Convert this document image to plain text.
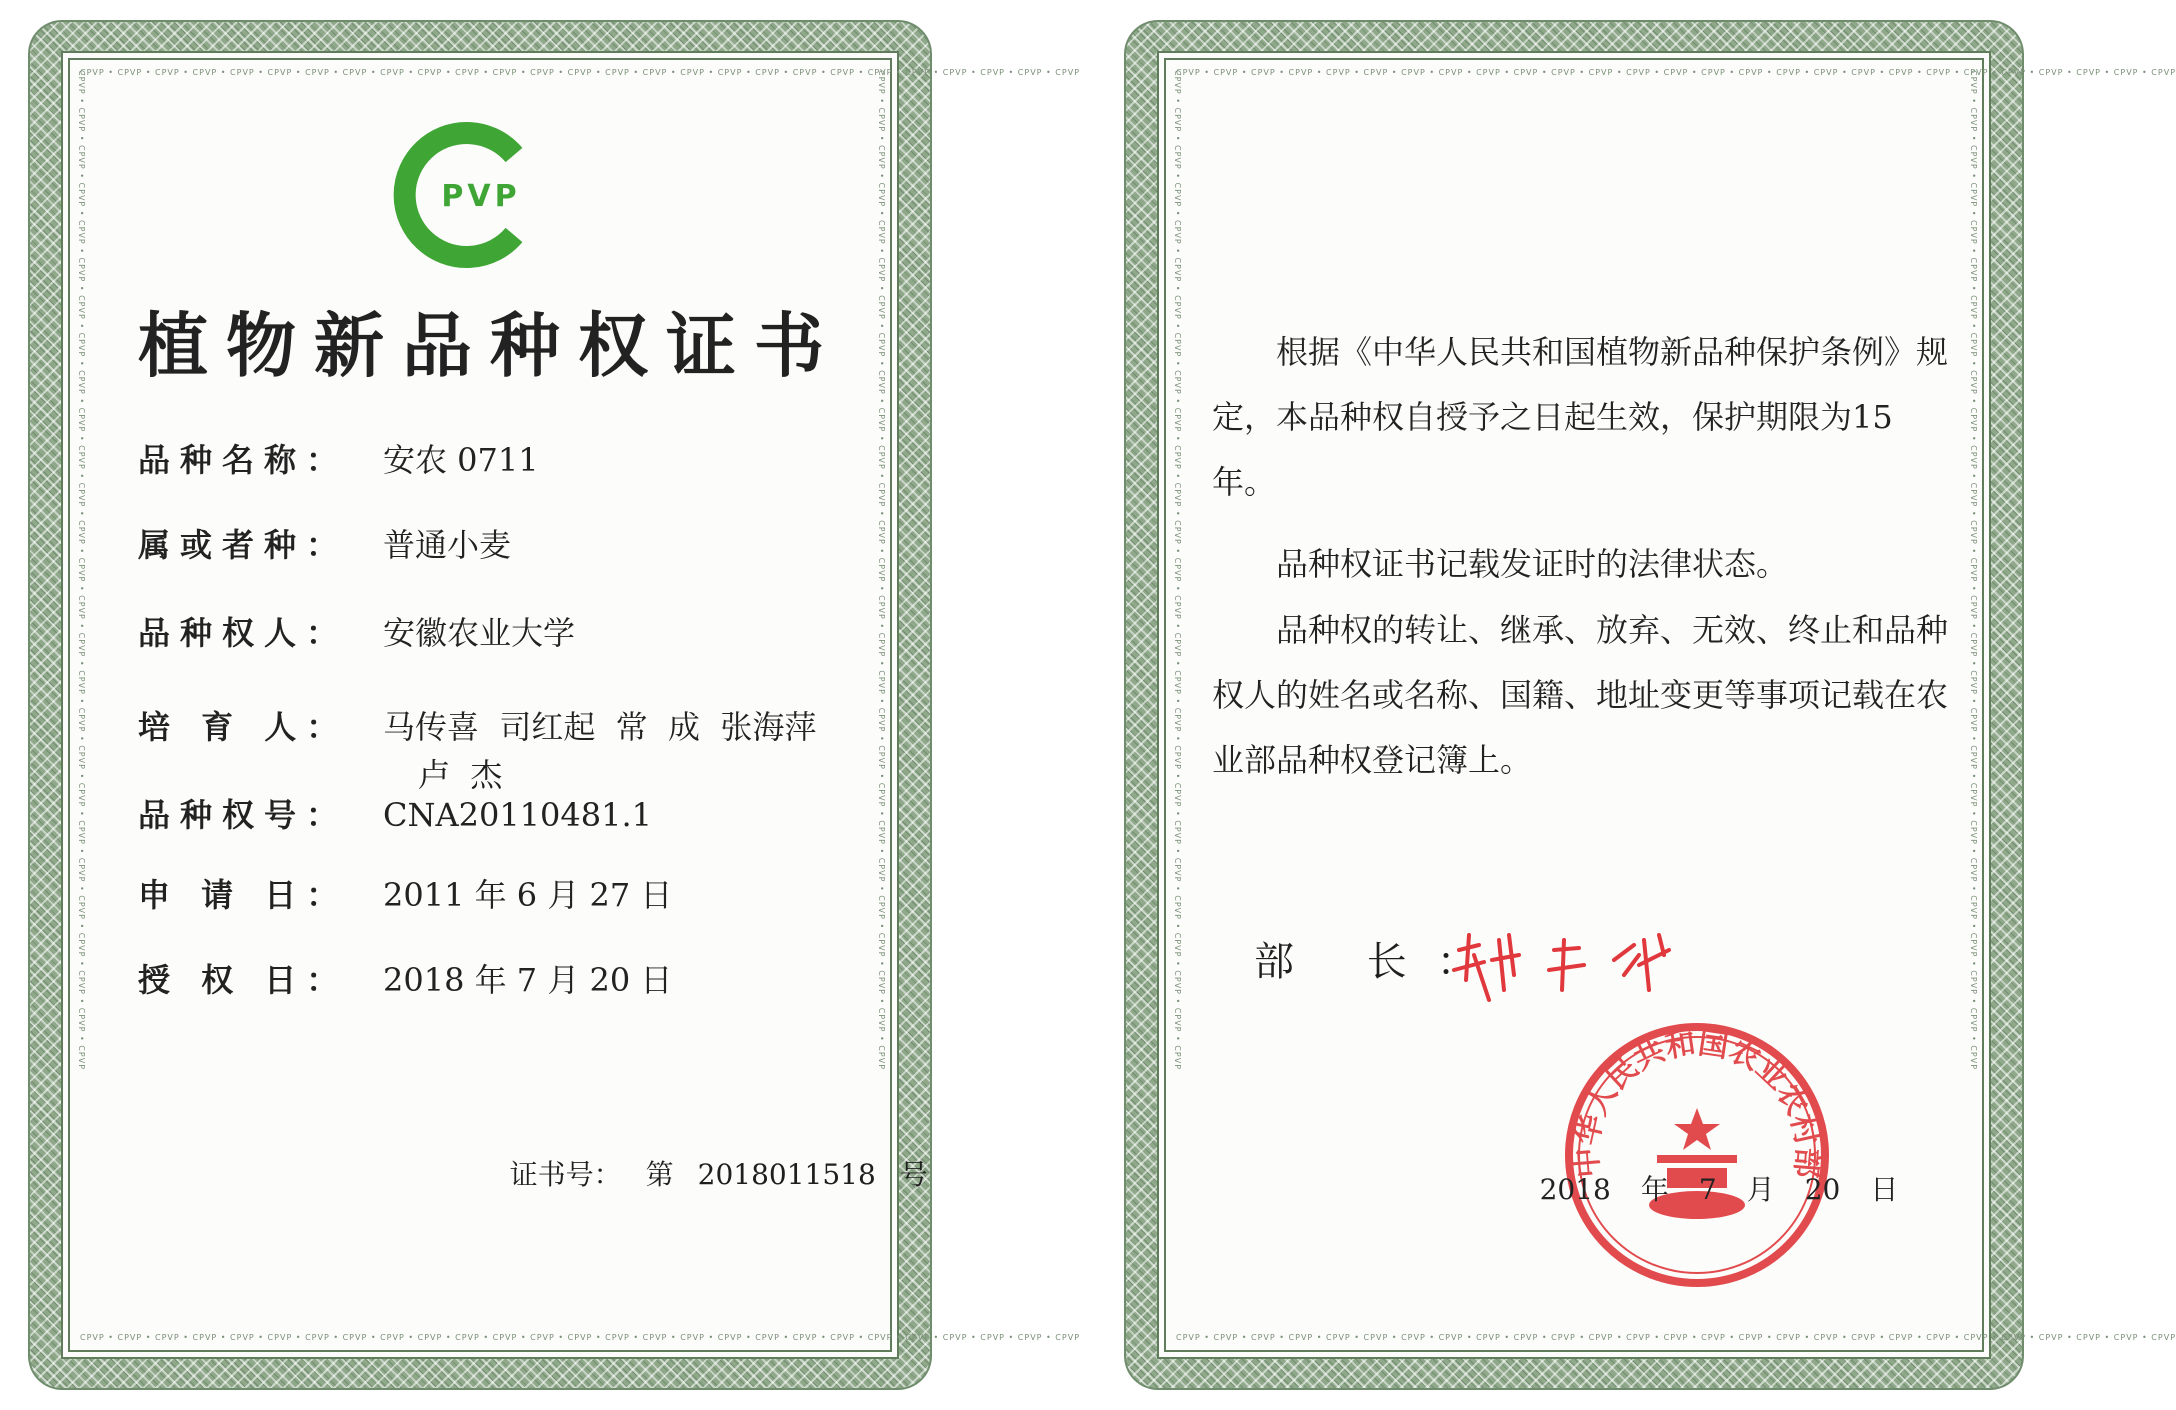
CPVP • CPVP • CPVP • CPVP • CPVP • CPVP • CPVP • CPVP • CPVP • CPVP • CPVP • CPVP • CPVP • CPVP • CPVP • CPVP • CPVP • CPVP • CPVP • CPVP • CPVP • CPVP • CPVP • CPVP • CPVP • CPVP • CPVP
CPVP • CPVP • CPVP • CPVP • CPVP • CPVP • CPVP • CPVP • CPVP • CPVP • CPVP • CPVP • CPVP • CPVP • CPVP • CPVP • CPVP • CPVP • CPVP • CPVP • CPVP • CPVP • CPVP • CPVP • CPVP • CPVP • CPVP
CPVP • CPVP • CPVP • CPVP • CPVP • CPVP • CPVP • CPVP • CPVP • CPVP • CPVP • CPVP • CPVP • CPVP • CPVP • CPVP • CPVP • CPVP • CPVP • CPVP • CPVP • CPVP • CPVP • CPVP • CPVP • CPVP • CPVP	CPVP • CPVP • CPVP • CPVP • CPVP • CPVP • CPVP • CPVP • CPVP • CPVP • CPVP • CPVP • CPVP • CPVP • CPVP • CPVP • CPVP • CPVP • CPVP • CPVP • CPVP • CPVP • CPVP • CPVP • CPVP • CPVP • CPVP
PVP
植物新品种权证书
品种名称：	安农 0711
属或者种：	普通小麦
品种权人：	安徽农业大学
培 育 人：	马传喜  司红起  常  成  张海萍
卢  杰
品种权号：	CNA20110481.1
申 请 日：	2011 年 6 月 27 日
授 权 日：	2018 年 7 月 20 日

证书号： 第 2018011518 号

CPVP • CPVP • CPVP • CPVP • CPVP • CPVP • CPVP • CPVP • CPVP • CPVP • CPVP • CPVP • CPVP • CPVP • CPVP • CPVP • CPVP • CPVP • CPVP • CPVP • CPVP • CPVP • CPVP • CPVP • CPVP • CPVP • CPVP
CPVP • CPVP • CPVP • CPVP • CPVP • CPVP • CPVP • CPVP • CPVP • CPVP • CPVP • CPVP • CPVP • CPVP • CPVP • CPVP • CPVP • CPVP • CPVP • CPVP • CPVP • CPVP • CPVP • CPVP • CPVP • CPVP • CPVP
CPVP • CPVP • CPVP • CPVP • CPVP • CPVP • CPVP • CPVP • CPVP • CPVP • CPVP • CPVP • CPVP • CPVP • CPVP • CPVP • CPVP • CPVP • CPVP • CPVP • CPVP • CPVP • CPVP • CPVP • CPVP • CPVP • CPVP	CPVP • CPVP • CPVP • CPVP • CPVP • CPVP • CPVP • CPVP • CPVP • CPVP • CPVP • CPVP • CPVP • CPVP • CPVP • CPVP • CPVP • CPVP • CPVP • CPVP • CPVP • CPVP • CPVP • CPVP • CPVP • CPVP • CPVP
根据《中华人民共和国植物新品种保护条例》规定，本品种权自授予之日起生效，保护期限为15 年。
品种权证书记载发证时的法律状态。
品种权的转让、继承、放弃、无效、终止和品种权人的姓名或名称、国籍、地址变更等事项记载在农业部品种权登记簿上。
部 长：
中华人民共和国农业农村部

2018 年 7 月 20 日
